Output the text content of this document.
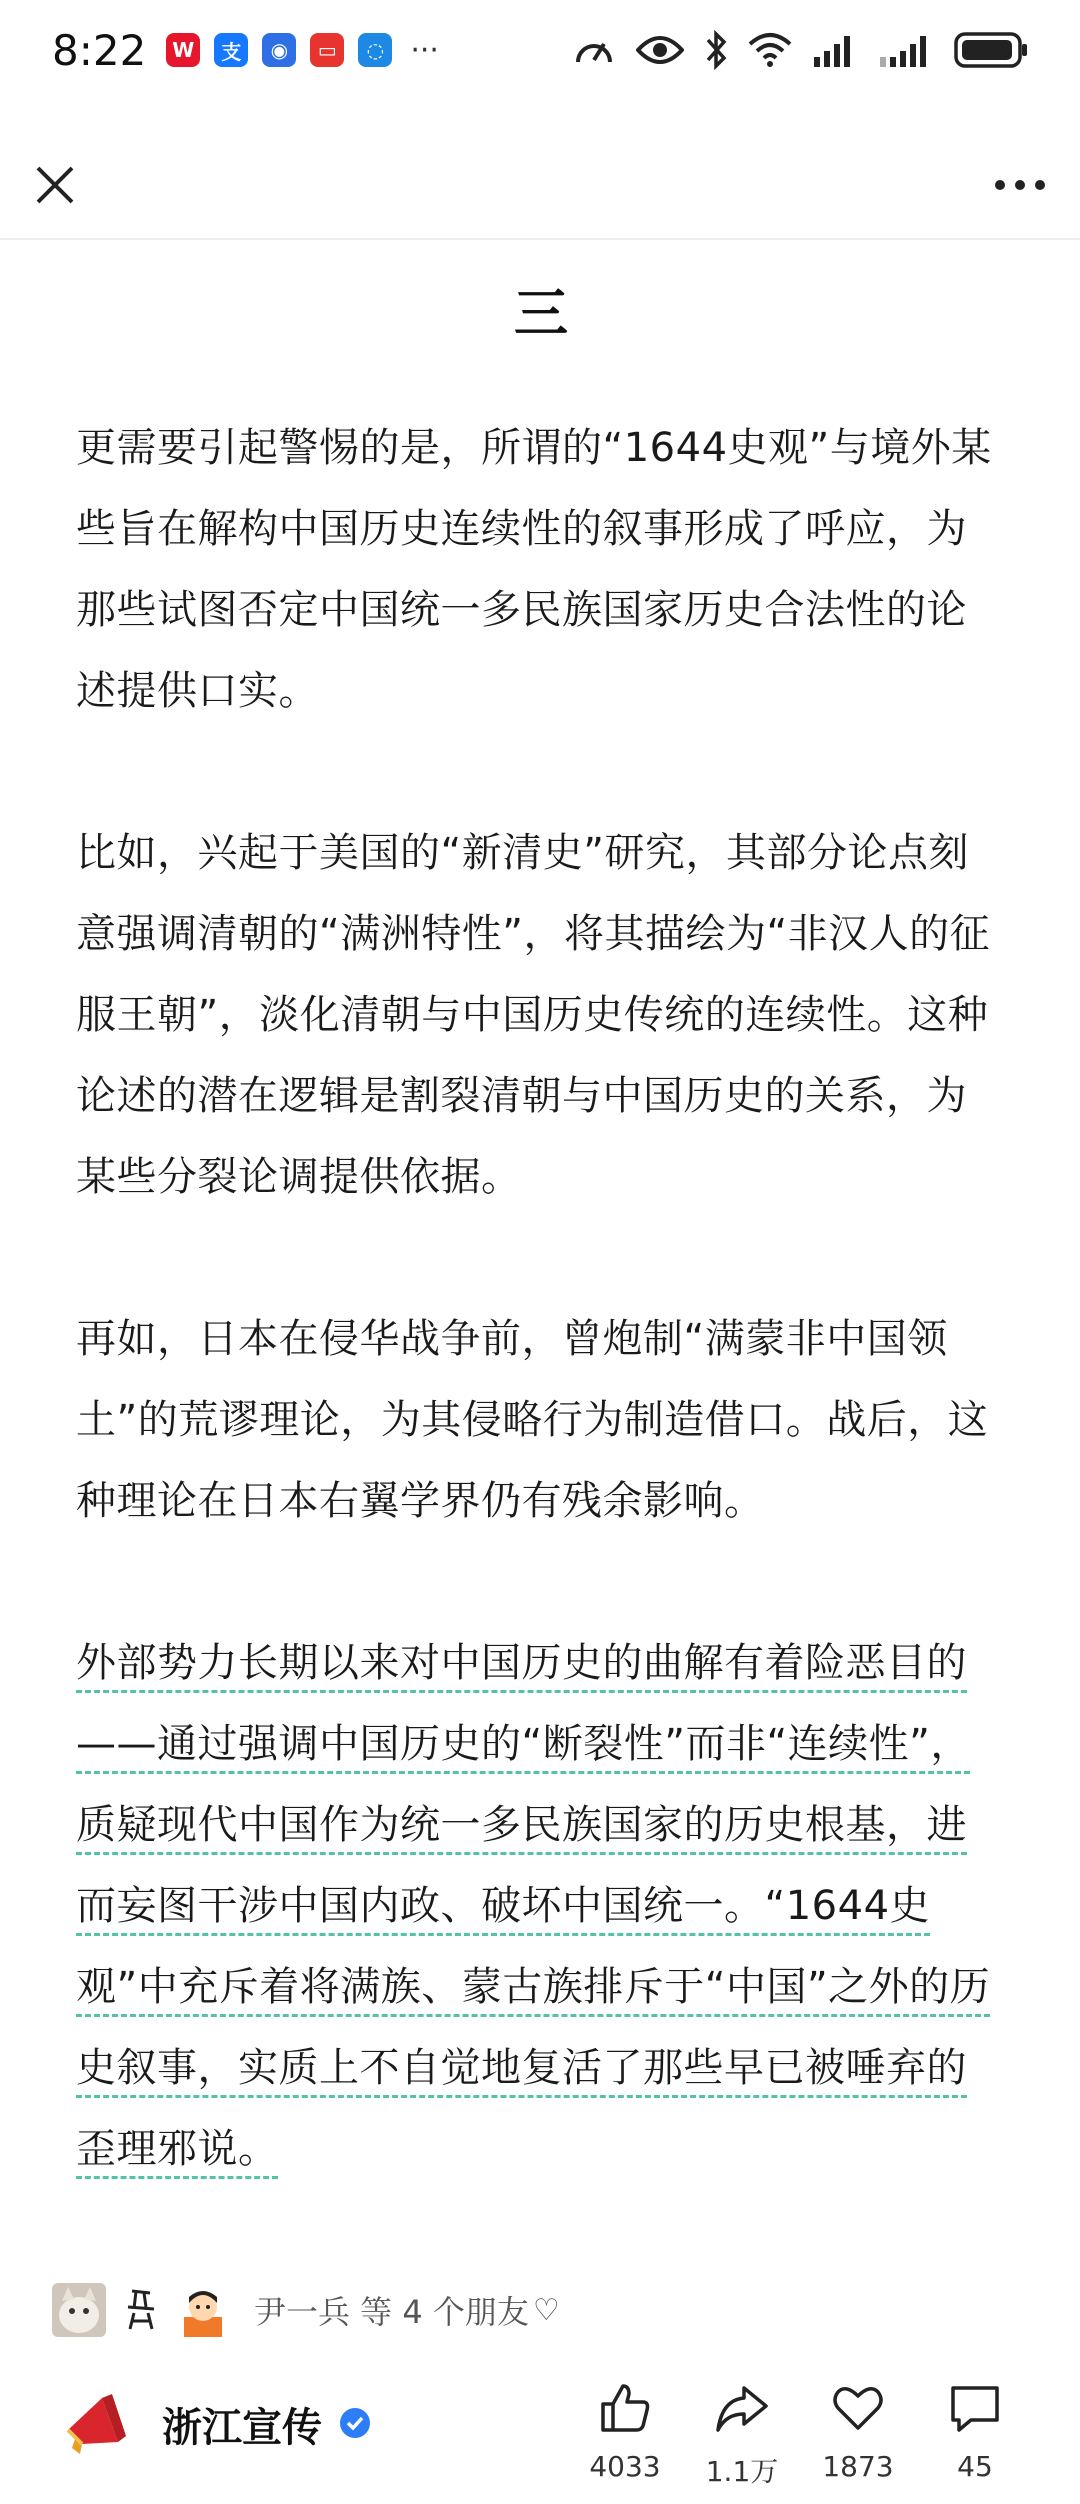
8:22 W	支	◉	▭	◌ ···
三

更需要引起警惕的是，所谓的“1644史观”与境外某些旨在解构中国历史连续性的叙事形成了呼应，为那些试图否定中国统一多民族国家历史合法性的论述提供口实。

比如，兴起于美国的“新清史”研究，其部分论点刻意强调清朝的“满洲特性”，将其描绘为“非汉人的征服王朝”，淡化清朝与中国历史传统的连续性。这种论述的潜在逻辑是割裂清朝与中国历史的关系，为某些分裂论调提供依据。

再如，日本在侵华战争前，曾炮制“满蒙非中国领土”的荒谬理论，为其侵略行为制造借口。战后，这种理论在日本右翼学界仍有残余影响。

外部势力长期以来对中国历史的曲解有着险恶目的——通过强调中国历史的“断裂性”而非“连续性”，质疑现代中国作为统一多民族国家的历史根基，进而妄图干涉中国内政、破坏中国统一。“1644史观”中充斥着将满族、蒙古族排斥于“中国”之外的历史叙事，实质上不自觉地复活了那些早已被唾弃的歪理邪说。

尹一兵 等 4 个朋友 ♡
浙江宣传
4033	1.1万	1873	45
